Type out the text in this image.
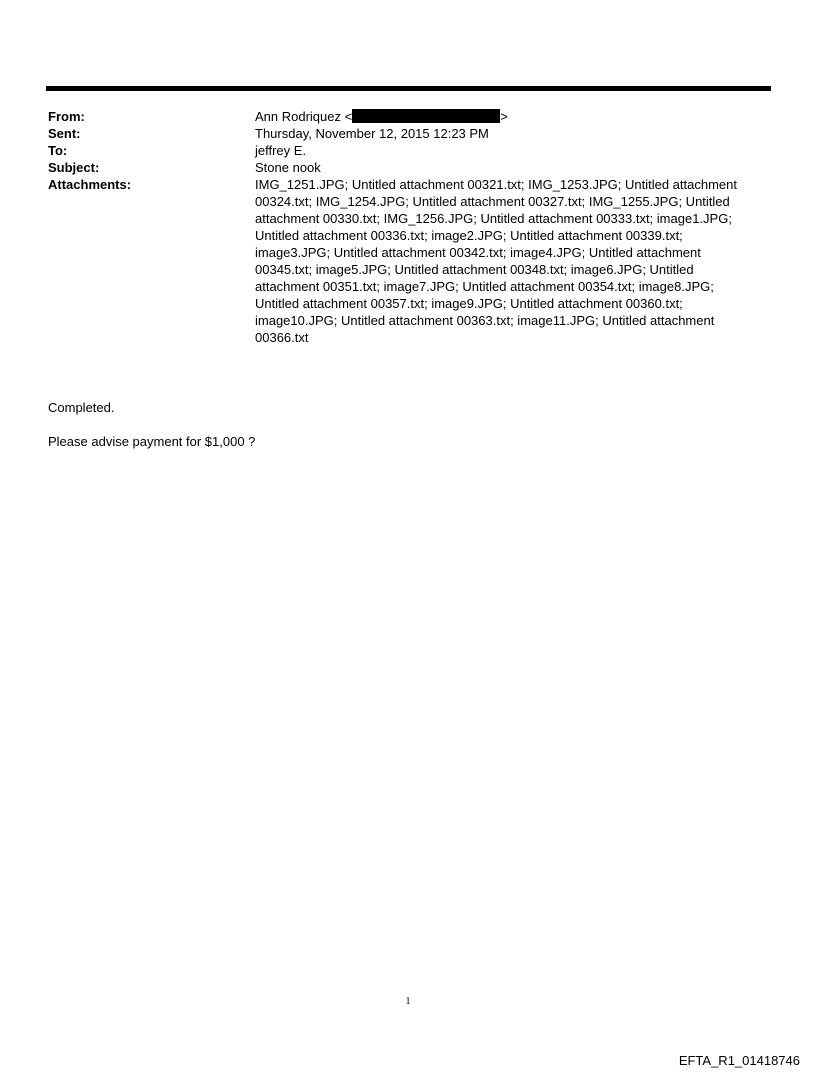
From:	Ann Rodriquez <	>
Sent:	Thursday, November 12, 2015 12:23 PM
To:	jeffrey E.
Subject:	Stone nook
Attachments:	IMG_1251.JPG; Untitled attachment 00321.txt; IMG_1253.JPG; Untitled attachment 00324.txt; IMG_1254.JPG; Untitled attachment 00327.txt; IMG_1255.JPG; Untitled attachment 00330.txt; IMG_1256.JPG; Untitled attachment 00333.txt; image1.JPG; Untitled attachment 00336.txt; image2.JPG; Untitled attachment 00339.txt; image3.JPG; Untitled attachment 00342.txt; image4.JPG; Untitled attachment 00345.txt; image5.JPG; Untitled attachment 00348.txt; image6.JPG; Untitled attachment 00351.txt; image7.JPG; Untitled attachment 00354.txt; image8.JPG; Untitled attachment 00357.txt; image9.JPG; Untitled attachment 00360.txt; image10.JPG; Untitled attachment 00363.txt; image11.JPG; Untitled attachment 00366.txt

Completed.

Please advise payment for $1,000 ?

1
EFTA_R1_01418746
